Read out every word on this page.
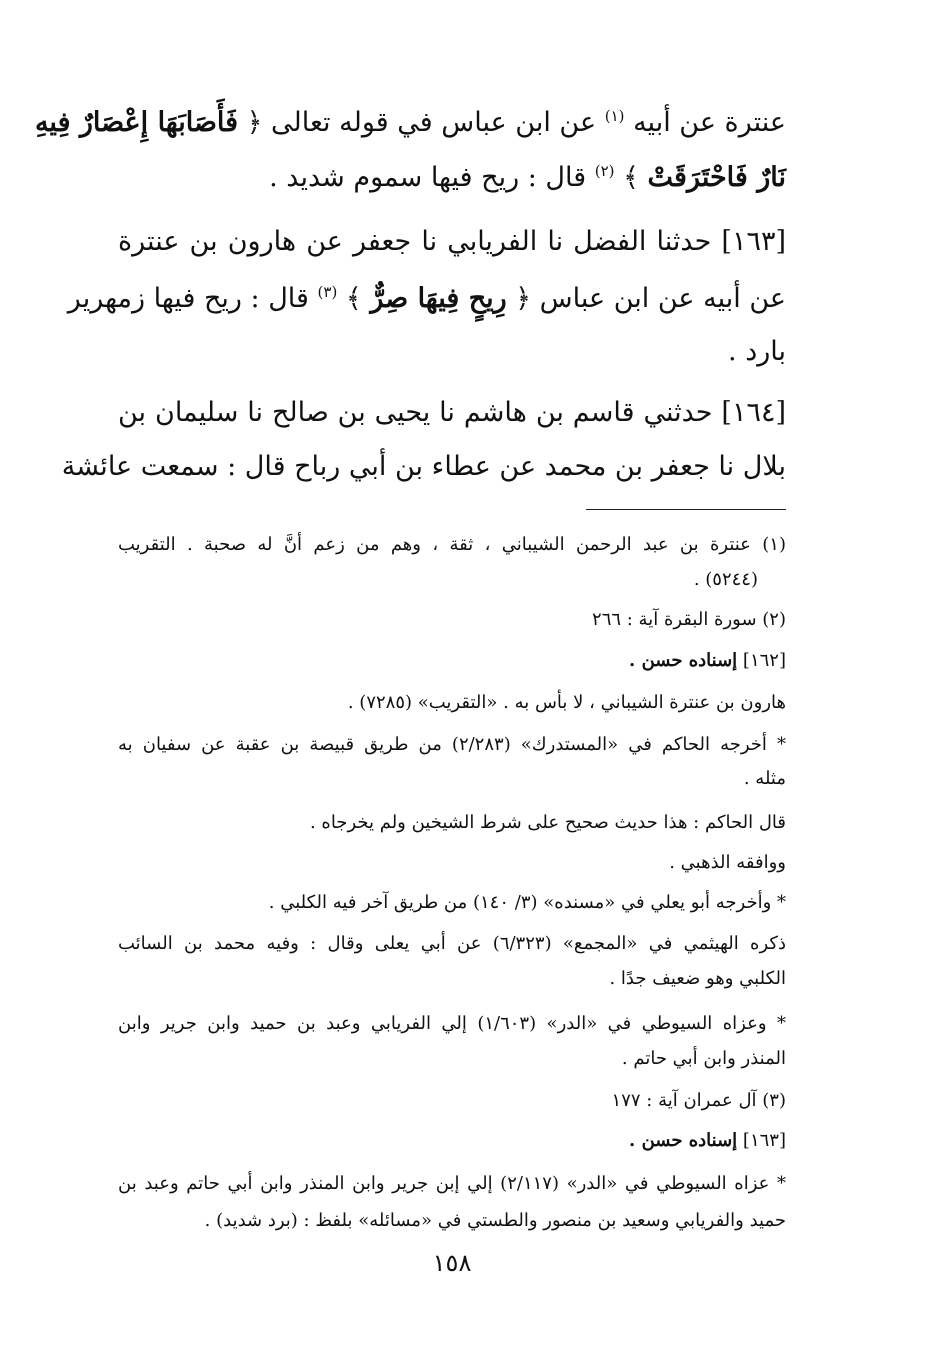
عنترة عن أبيه $^{(١)}$ عن ابن عباس في قوله تعالى ﴿ فَأَصَابَهَا إِعْصَارٌ فِيهِ
نَارٌ فَاحْتَرَقَتْ ﴾ $^{(٢)}$ قال : ريح فيها سموم شديد .
[١٦٣] حدثنا الفضل نا الفريابي نا جعفر عن هارون بن عنترة
عن أبيه عن ابن عباس ﴿ رِيحٍ فِيهَا صِرٌّ ﴾ $^{(٣)}$ قال : ريح فيها زمهرير
بارد .
[١٦٤] حدثني قاسم بن هاشم نا يحيى بن صالح نا سليمان بن
بلال نا جعفر بن محمد عن عطاء بن أبي رباح قال : سمعت عائشة
(١) عنترة بن عبد الرحمن الشيباني ، ثقة ، وهم من زعم أنَّ له صحبة . التقريب
(٥٢٤٤) .
(٢) سورة البقرة آية : ٢٦٦
[١٦٢] إسناده حسن .
هارون بن عنترة الشيباني ، لا بأس به . «التقريب» (٧٢٨٥) .
* أخرجه الحاكم في «المستدرك» (٢/٢٨٣) من طريق قبيصة بن عقبة عن سفيان به
مثله .
قال الحاكم : هذا حديث صحيح على شرط الشيخين ولم يخرجاه .
ووافقه الذهبي .
* وأخرجه أبو يعلي في «مسنده» (٣/ ١٤٠) من طريق آخر فيه الكلبي .
ذكره الهيثمي في «المجمع» (٦/٣٢٣) عن أبي يعلى وقال : وفيه محمد بن السائب
الكلبي وهو ضعيف جدًا .
* وعزاه السيوطي في «الدر» (١/٦٠٣) إلي الفريابي وعبد بن حميد وابن جرير وابن
المنذر وابن أبي حاتم .
(٣) آل عمران آية : ١٧٧
[١٦٣] إسناده حسن .
* عزاه السيوطي في «الدر» (٢/١١٧) إلي إبن جرير وابن المنذر وابن أبي حاتم وعبد بن
حميد والفريابي وسعيد بن منصور والطستي في «مسائله» بلفظ : (برد شديد) .
١٥٨
